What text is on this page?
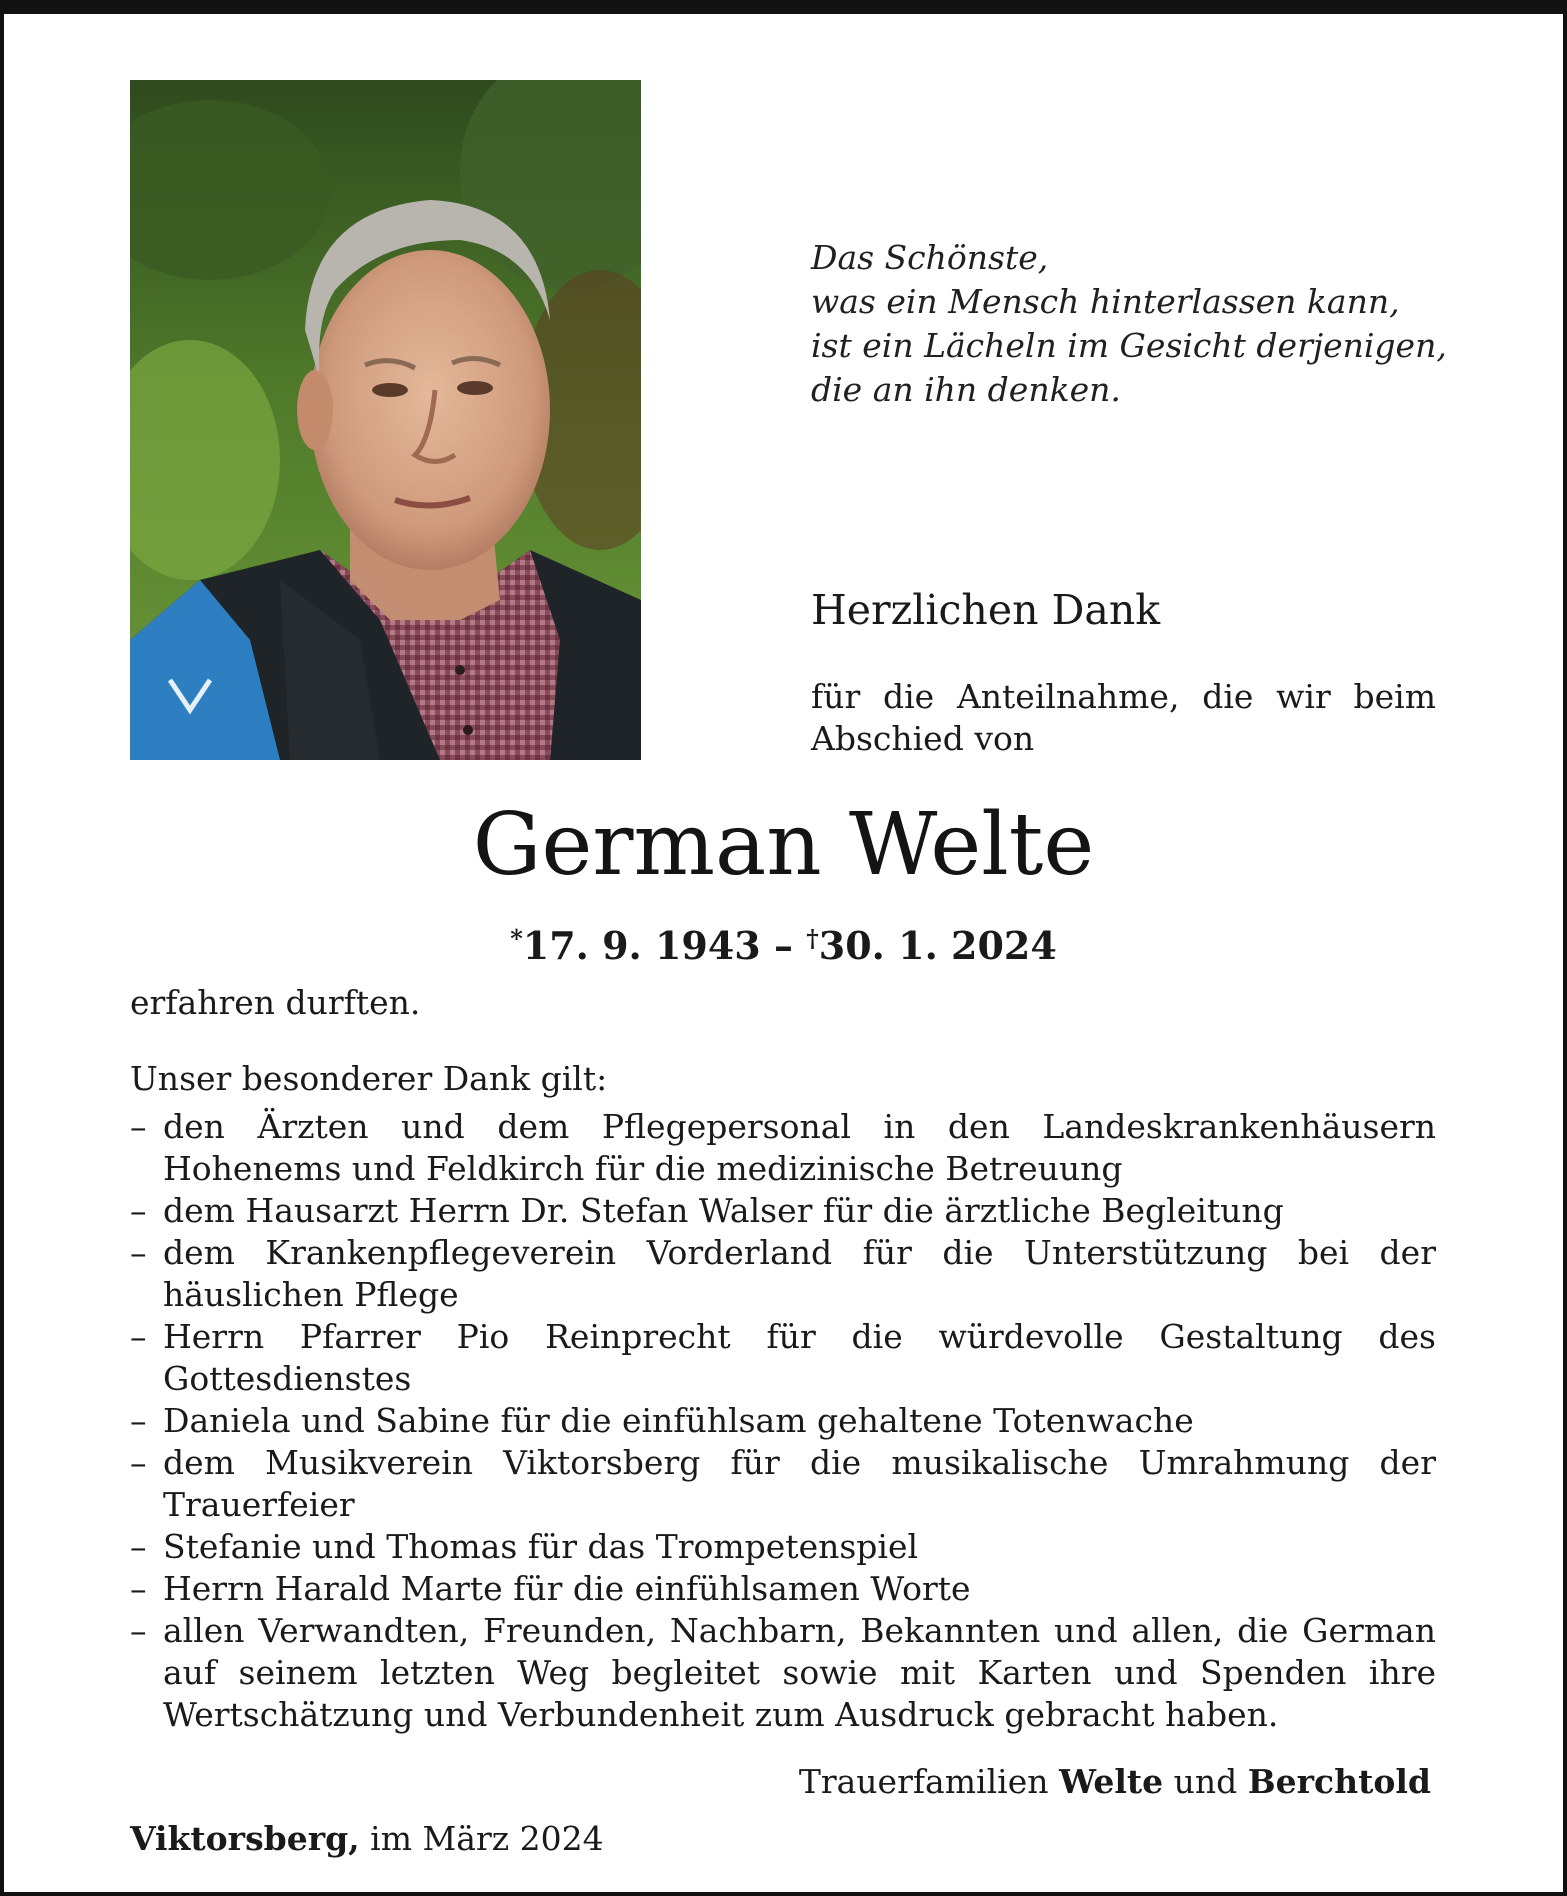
Das Schönste,
was ein Mensch hinterlassen kann,
ist ein Lächeln im Gesicht derjenigen,
die an ihn denken.
Herzlichen Dank
für die Anteilnahme, die wir beim Abschied von
German Welte
*17. 9. 1943 – †30. 1. 2024

erfahren durften.

Unser besonderer Dank gilt:

– den Ärzten und dem Pflegepersonal in den Landeskrankenhäusern Hohenems und Feldkirch für die medizinische Betreuung
– dem Hausarzt Herrn Dr. Stefan Walser für die ärztliche Begleitung
– dem Krankenpflegeverein Vorderland für die Unterstützung bei der häuslichen Pflege
– Herrn Pfarrer Pio Reinprecht für die würdevolle Gestaltung des Gottesdienstes
– Daniela und Sabine für die einfühlsam gehaltene Totenwache
– dem Musikverein Viktorsberg für die musikalische Umrahmung der Trauerfeier
– Stefanie und Thomas für das Trompetenspiel
– Herrn Harald Marte für die einfühlsamen Worte
– allen Verwandten, Freunden, Nachbarn, Bekannten und allen, die German auf seinem letzten Weg begleitet sowie mit Karten und Spenden ihre Wertschätzung und Verbundenheit zum Ausdruck gebracht haben.
Trauerfamilien Welte und Berchtold
Viktorsberg, im März 2024
